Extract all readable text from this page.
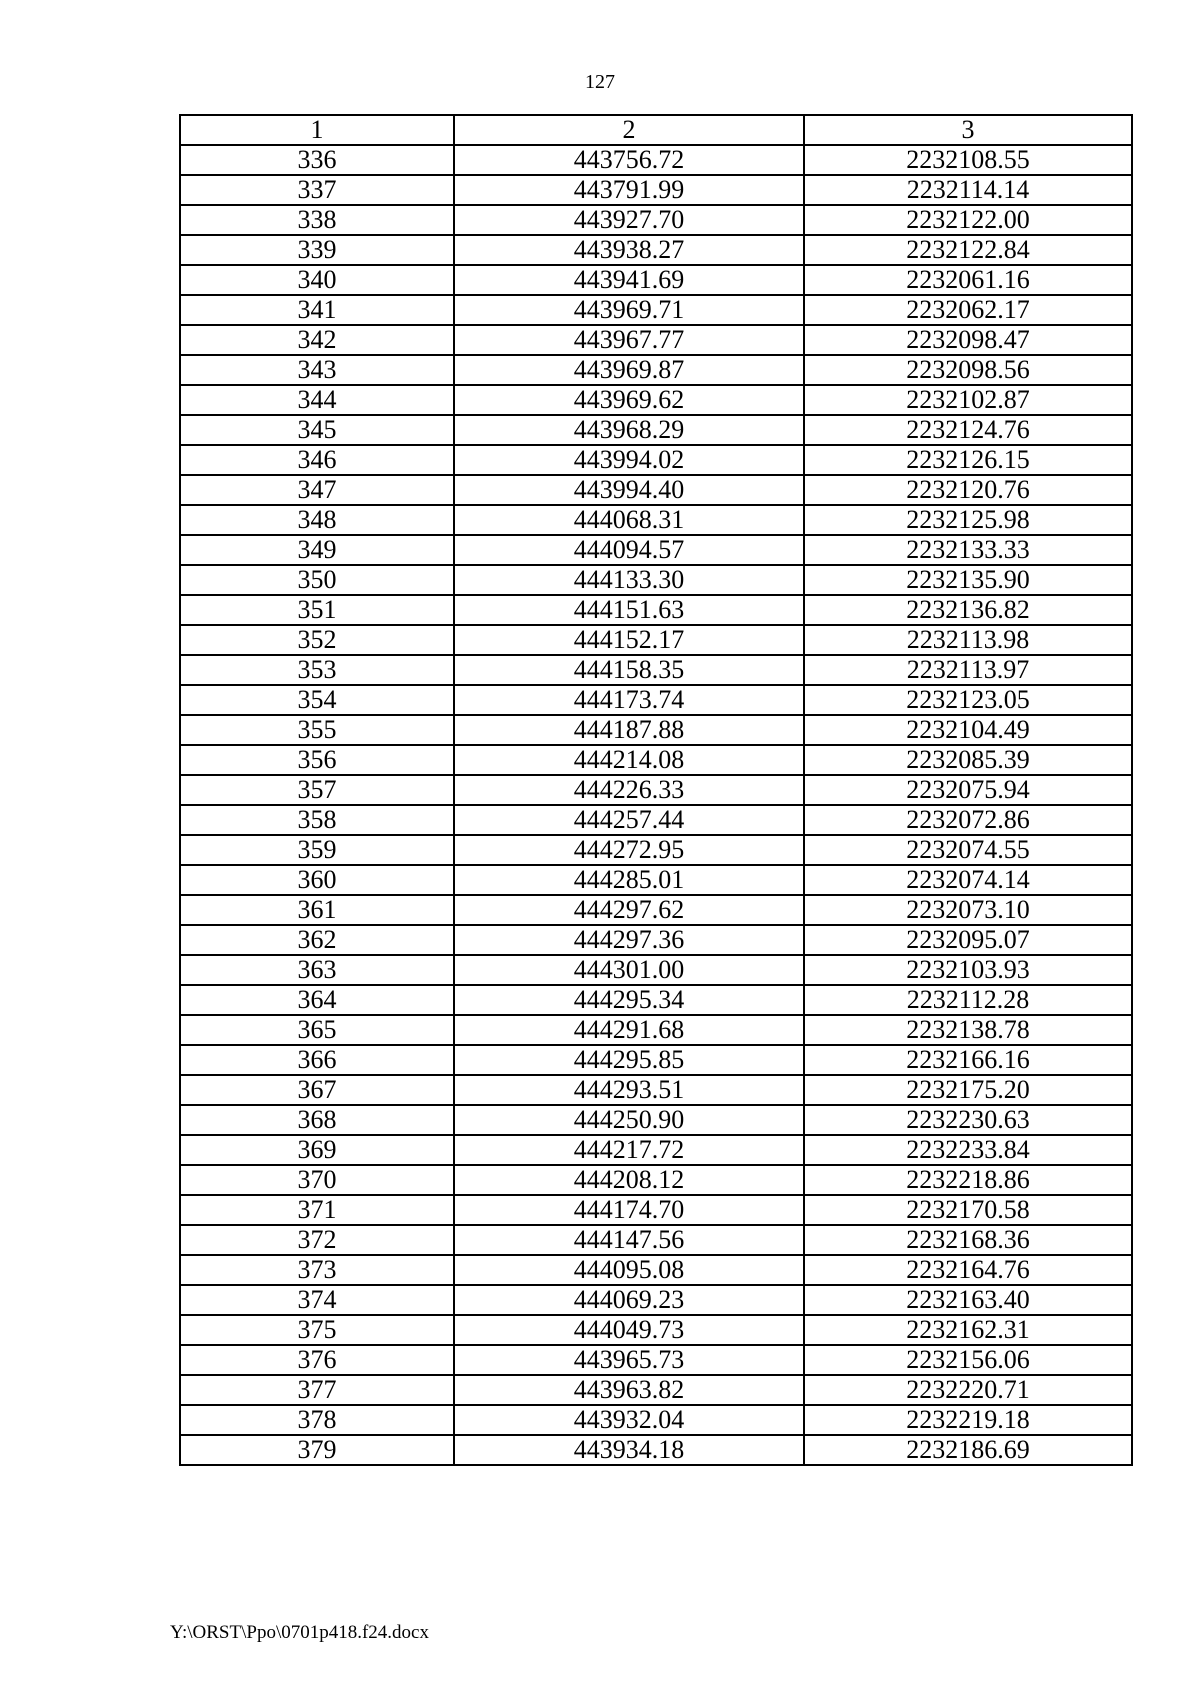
127
1	2	3
336	443756.72	2232108.55
337	443791.99	2232114.14
338	443927.70	2232122.00
339	443938.27	2232122.84
340	443941.69	2232061.16
341	443969.71	2232062.17
342	443967.77	2232098.47
343	443969.87	2232098.56
344	443969.62	2232102.87
345	443968.29	2232124.76
346	443994.02	2232126.15
347	443994.40	2232120.76
348	444068.31	2232125.98
349	444094.57	2232133.33
350	444133.30	2232135.90
351	444151.63	2232136.82
352	444152.17	2232113.98
353	444158.35	2232113.97
354	444173.74	2232123.05
355	444187.88	2232104.49
356	444214.08	2232085.39
357	444226.33	2232075.94
358	444257.44	2232072.86
359	444272.95	2232074.55
360	444285.01	2232074.14
361	444297.62	2232073.10
362	444297.36	2232095.07
363	444301.00	2232103.93
364	444295.34	2232112.28
365	444291.68	2232138.78
366	444295.85	2232166.16
367	444293.51	2232175.20
368	444250.90	2232230.63
369	444217.72	2232233.84
370	444208.12	2232218.86
371	444174.70	2232170.58
372	444147.56	2232168.36
373	444095.08	2232164.76
374	444069.23	2232163.40
375	444049.73	2232162.31
376	443965.73	2232156.06
377	443963.82	2232220.71
378	443932.04	2232219.18
379	443934.18	2232186.69
Y:\ORST\Ppo\0701p418.f24.docx
